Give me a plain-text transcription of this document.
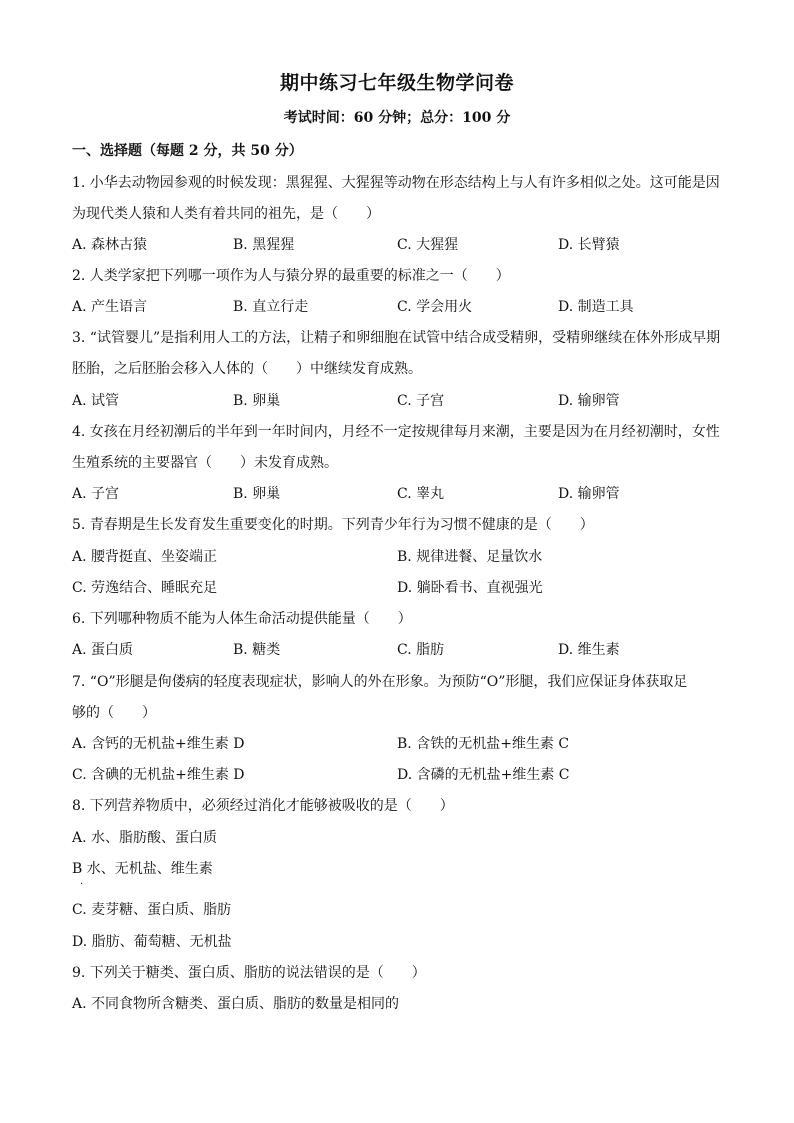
期中练习七年级生物学问卷
考试时间：60 分钟；总分：100 分
一、选择题（每题 2 分，共 50 分）
1. 小华去动物园参观的时候发现：黑猩猩、大猩猩等动物在形态结构上与人有许多相似之处。这可能是因
为现代类人猿和人类有着共同的祖先，是（　　）
A. 森林古猿	B. 黑猩猩	C. 大猩猩	D. 长臂猿
2. 人类学家把下列哪一项作为人与猿分界的最重要的标准之一（　　）
A. 产生语言	B. 直立行走	C. 学会用火	D. 制造工具
3. “试管婴儿”是指利用人工的方法，让精子和卵细胞在试管中结合成受精卵，受精卵继续在体外形成早期
胚胎，之后胚胎会移入人体的（　　）中继续发育成熟。
A. 试管	B. 卵巢	C. 子宫	D. 输卵管
4. 女孩在月经初潮后的半年到一年时间内，月经不一定按规律每月来潮，主要是因为在月经初潮时，女性
生殖系统的主要器官（　　）未发育成熟。
A. 子宫	B. 卵巢	C. 睾丸	D. 输卵管
5. 青春期是生长发育发生重要变化的时期。下列青少年行为习惯不健康的是（　　）
A. 腰背挺直、坐姿端正	B. 规律进餐、足量饮水
C. 劳逸结合、睡眠充足	D. 躺卧看书、直视强光
6. 下列哪种物质不能为人体生命活动提供能量（　　）
A. 蛋白质	B. 糖类	C. 脂肪	D. 维生素
7. “O”形腿是佝偻病的轻度表现症状，影响人的外在形象。为预防“O”形腿，我们应保证身体获取足
够的（　　）
A. 含钙的无机盐+维生素 D	B. 含铁的无机盐+维生素 C
C. 含碘的无机盐+维生素 D	D. 含磷的无机盐+维生素 C
8. 下列营养物质中，必须经过消化才能够被吸收的是（　　）
A. 水、脂肪酸、蛋白质
B 水、无机盐、维生素
.
C. 麦芽糖、蛋白质、脂肪
D. 脂肪、葡萄糖、无机盐
9. 下列关于糖类、蛋白质、脂肪的说法错误的是（　　）
A. 不同食物所含糖类、蛋白质、脂肪的数量是相同的
